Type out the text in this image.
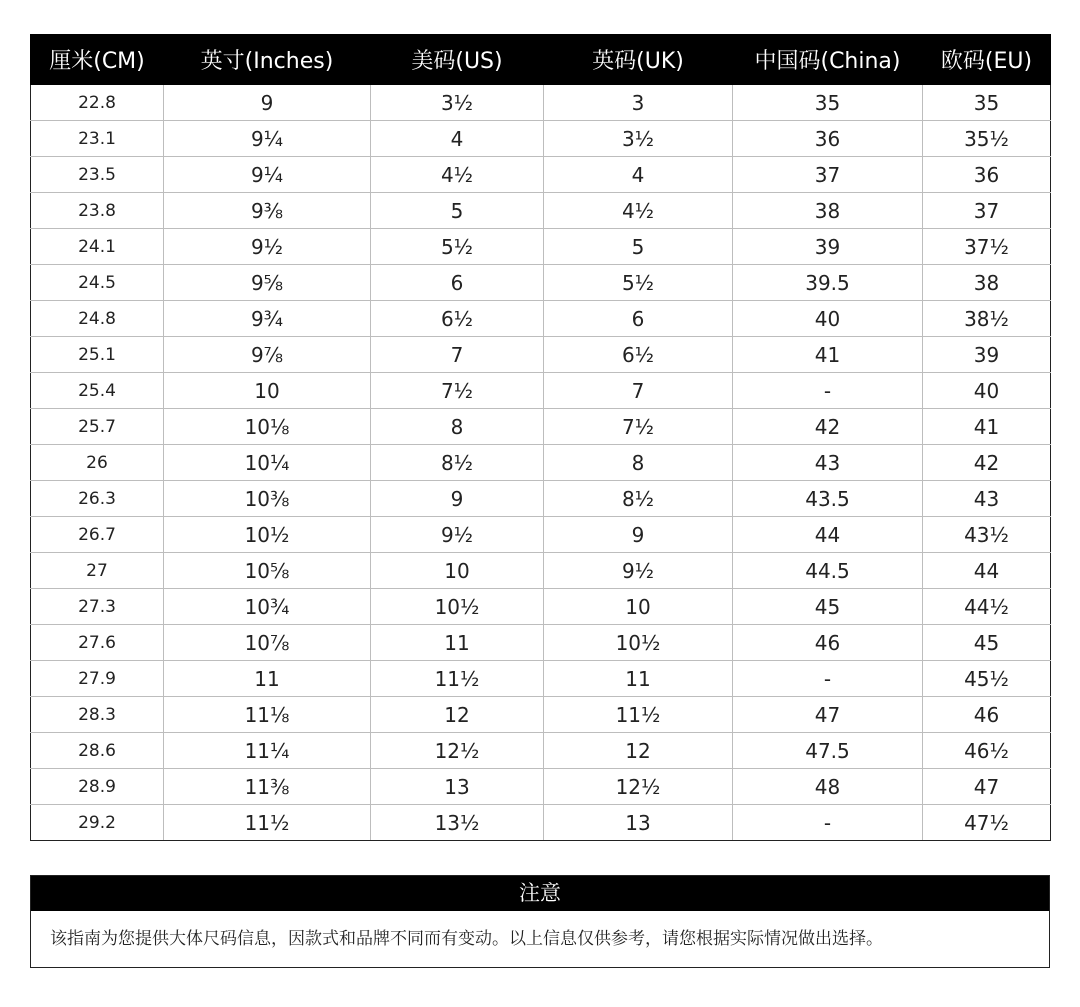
厘米(CM)	英寸(Inches)	美码(US)	英码(UK)	中国码(China)	欧码(EU)
22.8	9	3½	3	35	35
23.1	9¼	4	3½	36	35½
23.5	9¼	4½	4	37	36
23.8	9⅜	5	4½	38	37
24.1	9½	5½	5	39	37½
24.5	9⅝	6	5½	39.5	38
24.8	9¾	6½	6	40	38½
25.1	9⅞	7	6½	41	39
25.4	10	7½	7	-	40
25.7	10⅛	8	7½	42	41
26	10¼	8½	8	43	42
26.3	10⅜	9	8½	43.5	43
26.7	10½	9½	9	44	43½
27	10⅝	10	9½	44.5	44
27.3	10¾	10½	10	45	44½
27.6	10⅞	11	10½	46	45
27.9	11	11½	11	-	45½
28.3	11⅛	12	11½	47	46
28.6	11¼	12½	12	47.5	46½
28.9	11⅜	13	12½	48	47
29.2	11½	13½	13	-	47½
注意
该指南为您提供大体尺码信息，因款式和品牌不同而有变动。以上信息仅供参考，请您根据实际情况做出选择。
